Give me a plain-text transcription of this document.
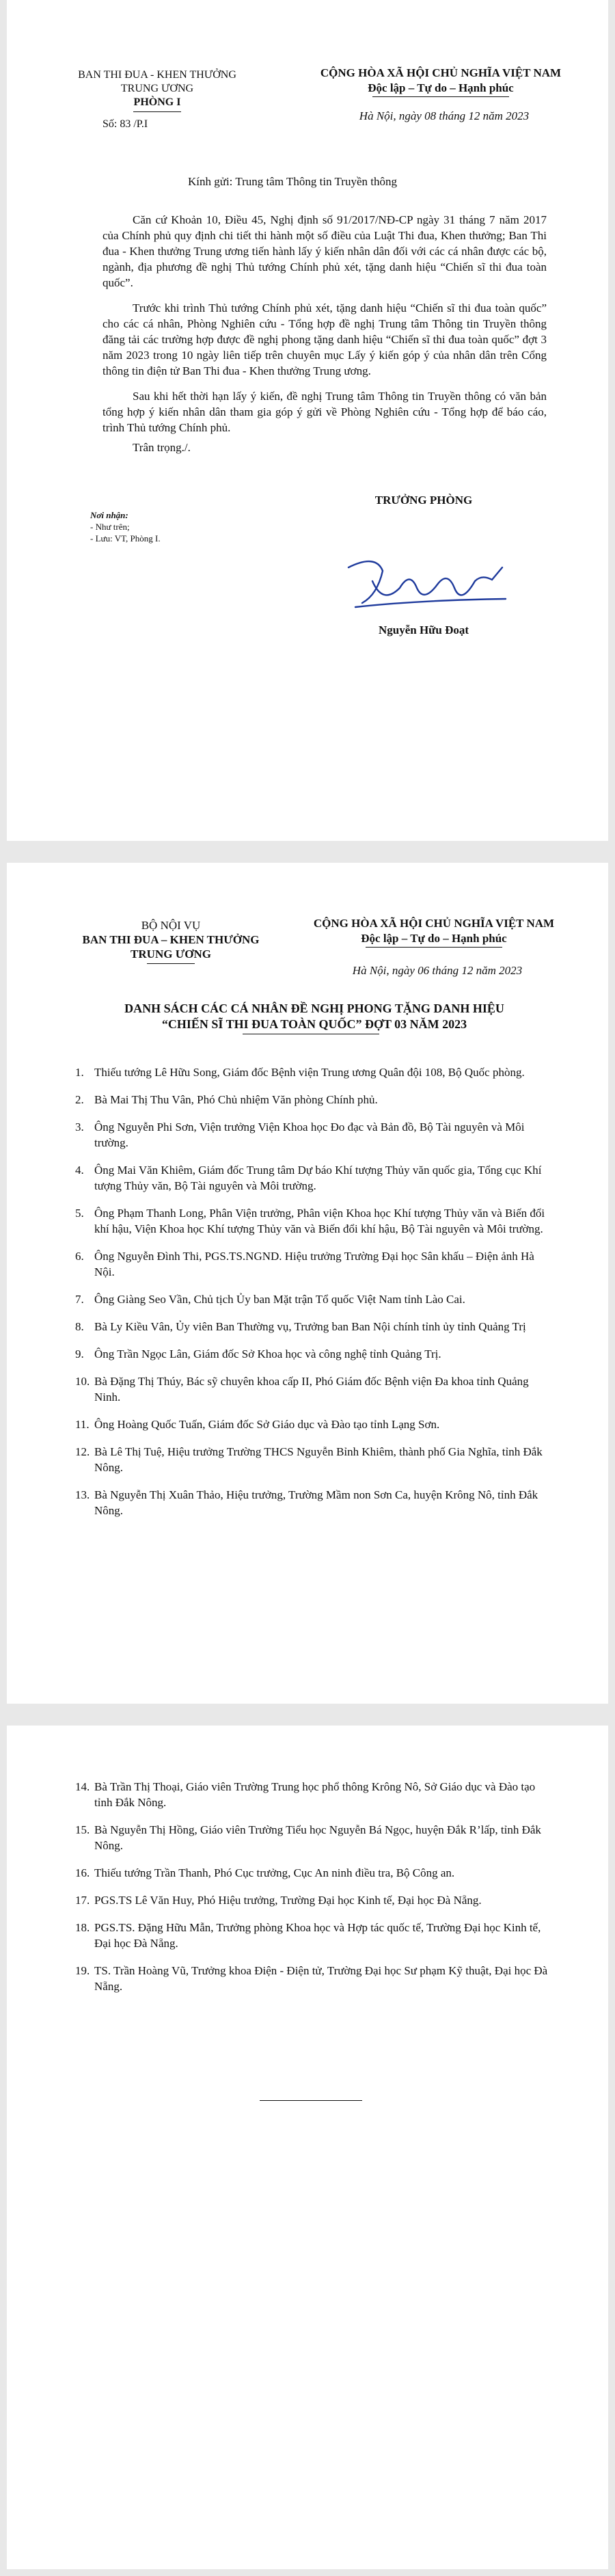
BAN THI ĐUA - KHEN THƯỞNG
TRUNG ƯƠNG
PHÒNG I
Số: 83 /P.I
CỘNG HÒA XÃ HỘI CHỦ NGHĨA VIỆT NAM
Độc lập – Tự do – Hạnh phúc
Hà Nội, ngày 08 tháng 12 năm 2023
Kính gửi: Trung tâm Thông tin Truyền thông

Căn cứ Khoản 10, Điều 45, Nghị định số 91/2017/NĐ-CP ngày 31 tháng 7 năm 2017 của Chính phủ quy định chi tiết thi hành một số điều của Luật Thi đua, Khen thưởng; Ban Thi đua - Khen thưởng Trung ương tiến hành lấy ý kiến nhân dân đối với các cá nhân được các bộ, ngành, địa phương đề nghị Thủ tướng Chính phủ xét, tặng danh hiệu “Chiến sĩ thi đua toàn quốc”.

Trước khi trình Thủ tướng Chính phủ xét, tặng danh hiệu “Chiến sĩ thi đua toàn quốc” cho các cá nhân, Phòng Nghiên cứu - Tổng hợp đề nghị Trung tâm Thông tin Truyền thông đăng tải các trường hợp được đề nghị phong tặng danh hiệu “Chiến sĩ thi đua toàn quốc” đợt 3 năm 2023 trong 10 ngày liên tiếp trên chuyên mục Lấy ý kiến góp ý của nhân dân trên Cổng thông tin điện tử Ban Thi đua - Khen thưởng Trung ương.

Sau khi hết thời hạn lấy ý kiến, đề nghị Trung tâm Thông tin Truyền thông có văn bản tổng hợp ý kiến nhân dân tham gia góp ý gửi về Phòng Nghiên cứu - Tổng hợp để báo cáo, trình Thủ tướng Chính phủ.

Trân trọng./.

Nơi nhận:
- Như trên;
- Lưu: VT, Phòng I.
TRƯỞNG PHÒNG
Nguyễn Hữu Đoạt
BỘ NỘI VỤ
BAN THI ĐUA – KHEN THƯỞNG
TRUNG ƯƠNG
CỘNG HÒA XÃ HỘI CHỦ NGHĨA VIỆT NAM
Độc lập – Tự do – Hạnh phúc
Hà Nội, ngày 06 tháng 12 năm 2023
DANH SÁCH CÁC CÁ NHÂN ĐỀ NGHỊ PHONG TẶNG DANH HIỆU
“CHIẾN SĨ THI ĐUA TOÀN QUỐC” ĐỢT 03 NĂM 2023
1. Thiếu tướng Lê Hữu Song, Giám đốc Bệnh viện Trung ương Quân đội 108, Bộ Quốc phòng.
2. Bà Mai Thị Thu Vân, Phó Chủ nhiệm Văn phòng Chính phủ.
3. Ông Nguyễn Phi Sơn, Viện trưởng Viện Khoa học Đo đạc và Bản đồ, Bộ Tài nguyên và Môi trường.
4. Ông Mai Văn Khiêm, Giám đốc Trung tâm Dự báo Khí tượng Thủy văn quốc gia, Tổng cục Khí tượng Thủy văn, Bộ Tài nguyên và Môi trường.
5. Ông Phạm Thanh Long, Phân Viện trưởng, Phân viện Khoa học Khí tượng Thủy văn và Biến đổi khí hậu, Viện Khoa học Khí tượng Thủy văn và Biến đổi khí hậu, Bộ Tài nguyên và Môi trường.
6. Ông Nguyễn Đình Thi, PGS.TS.NGND. Hiệu trưởng Trường Đại học Sân khấu – Điện ảnh Hà Nội.
7. Ông Giàng Seo Vần, Chủ tịch Ủy ban Mặt trận Tổ quốc Việt Nam tỉnh Lào Cai.
8. Bà Ly Kiều Vân, Ủy viên Ban Thường vụ, Trưởng ban Ban Nội chính tỉnh ủy tỉnh Quảng Trị
9. Ông Trần Ngọc Lân, Giám đốc Sở Khoa học và công nghệ tỉnh Quảng Trị.
10. Bà Đặng Thị Thúy, Bác sỹ chuyên khoa cấp II, Phó Giám đốc Bệnh viện Đa khoa tỉnh Quảng Ninh.
11. Ông Hoàng Quốc Tuấn, Giám đốc Sở Giáo dục và Đào tạo tỉnh Lạng Sơn.
12. Bà Lê Thị Tuệ, Hiệu trưởng Trường THCS Nguyễn Bỉnh Khiêm, thành phố Gia Nghĩa, tỉnh Đắk Nông.
13. Bà Nguyễn Thị Xuân Thảo, Hiệu trưởng, Trường Mầm non Sơn Ca, huyện Krông Nô, tỉnh Đắk Nông.
14. Bà Trần Thị Thoại, Giáo viên Trường Trung học phổ thông Krông Nô, Sở Giáo dục và Đào tạo tỉnh Đắk Nông.
15. Bà Nguyễn Thị Hồng, Giáo viên Trường Tiểu học Nguyễn Bá Ngọc, huyện Đắk R’lấp, tỉnh Đắk Nông.
16. Thiếu tướng Trần Thanh, Phó Cục trưởng, Cục An ninh điều tra, Bộ Công an.
17. PGS.TS Lê Văn Huy, Phó Hiệu trưởng, Trường Đại học Kinh tế, Đại học Đà Nẵng.
18. PGS.TS. Đặng Hữu Mẫn, Trưởng phòng Khoa học và Hợp tác quốc tế, Trường Đại học Kinh tế, Đại học Đà Nẵng.
19. TS. Trần Hoàng Vũ, Trưởng khoa Điện - Điện tử, Trường Đại học Sư phạm Kỹ thuật, Đại học Đà Nẵng.
